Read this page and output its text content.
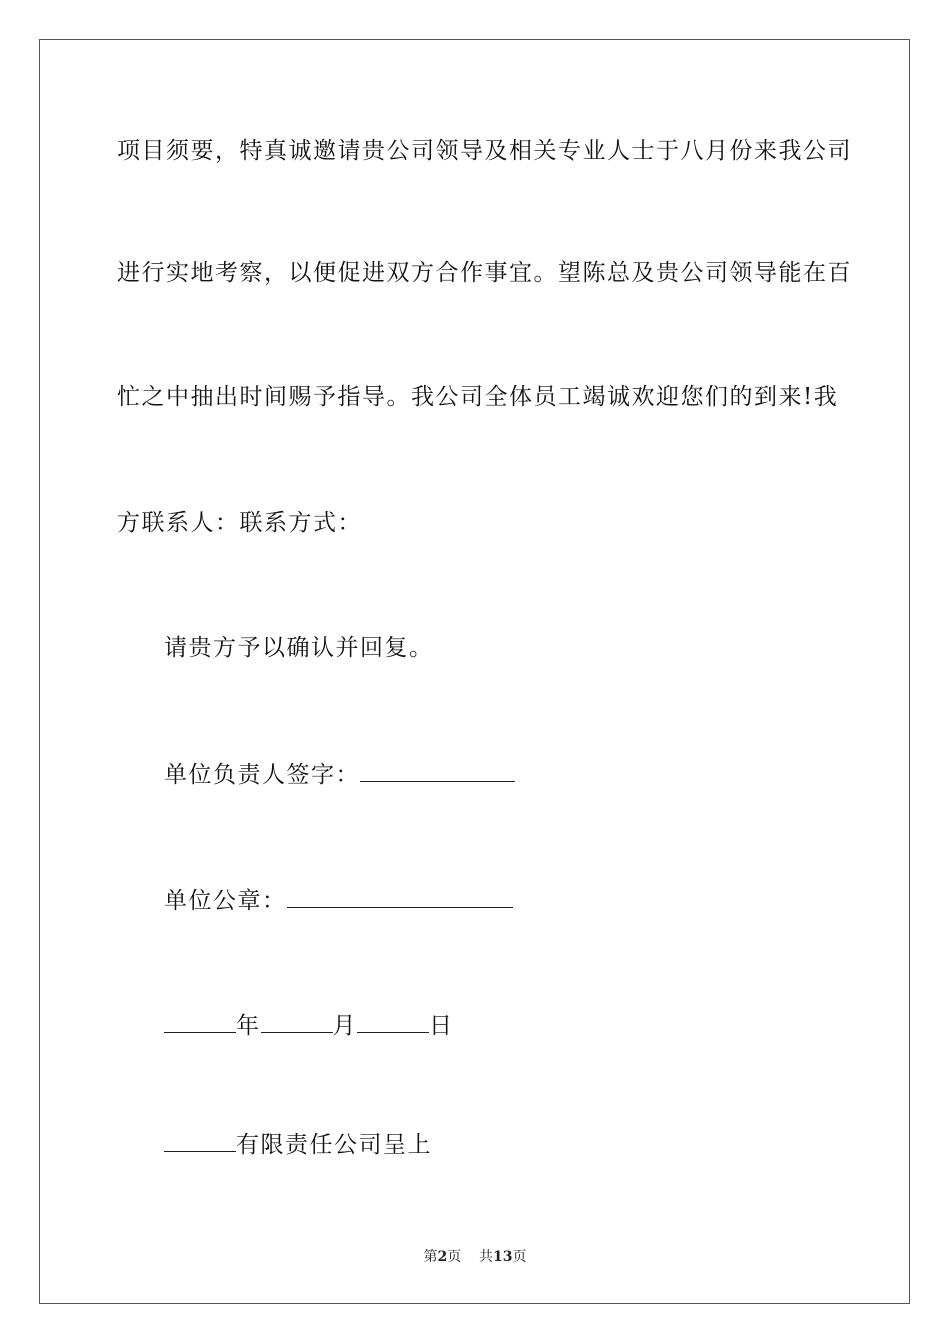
项目须要，特真诚邀请贵公司领导及相关专业人士于八月份来我公司
进行实地考察，以便促进双方合作事宜。望陈总及贵公司领导能在百
忙之中抽出时间赐予指导。我公司全体员工竭诚欢迎您们的到来!我
方联系人：联系方式：
请贵方予以确认并回复。
单位负责人签字：
单位公章：
年	月	日
有限责任公司呈上
第2页 共13页
